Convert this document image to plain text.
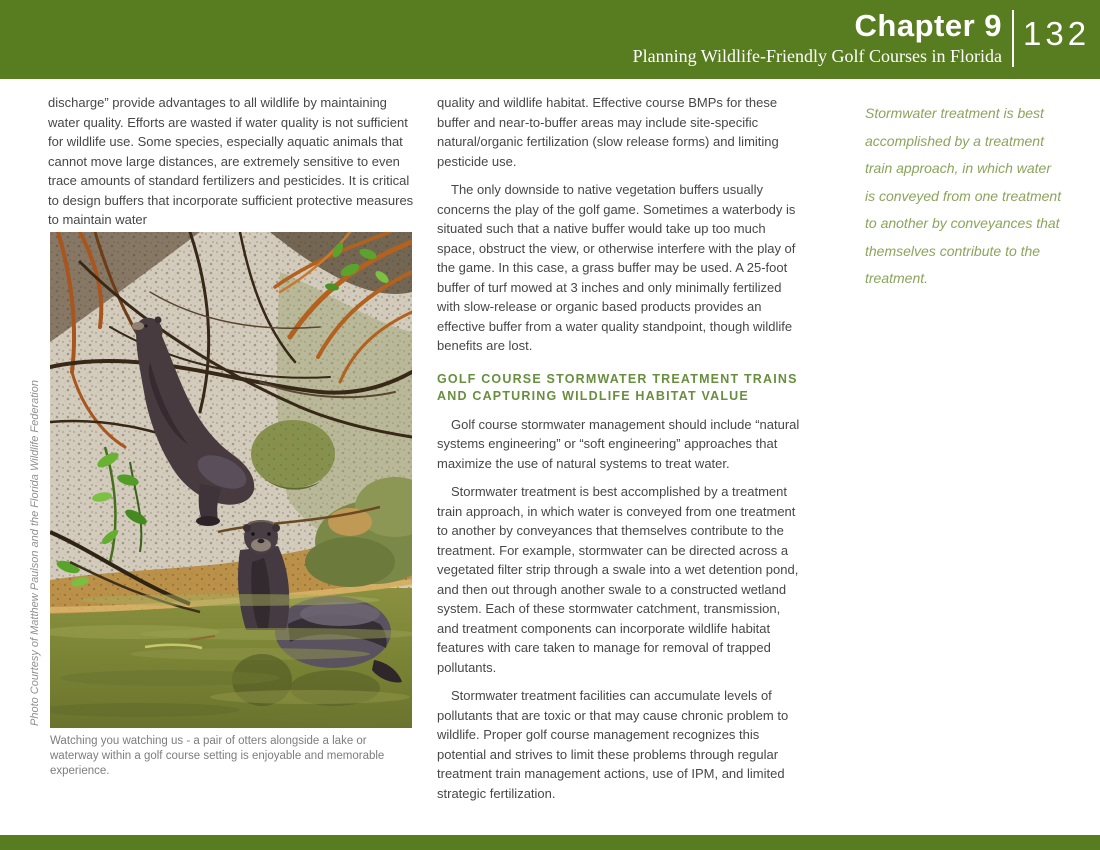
Chapter 9
Planning Wildlife-Friendly Golf Courses in Florida
132

discharge” provide advantages to all wildlife by maintaining water quality. Efforts are wasted if water quality is not sufficient for wildlife use. Some species, especially aquatic animals that cannot move large distances, are extremely sensitive to even trace amounts of standard fertilizers and pesticides. It is critical to design buffers that incorporate sufficient protective measures to maintain water

Photo Courtesy of Matthew Paulson and the Florida Wildlife Federation
Watching you watching us - a pair of otters alongside a lake or waterway within a golf course setting is enjoyable and memorable experience.

quality and wildlife habitat. Effective course BMPs for these buffer and near-to-buffer areas may include site-specific natural/organic fertilization (slow release forms) and limiting pesticide use.

The only downside to native vegetation buffers usually concerns the play of the golf game. Sometimes a waterbody is situated such that a native buffer would take up too much space, obstruct the view, or otherwise interfere with the play of the game. In this case, a grass buffer may be used. A 25-foot buffer of turf mowed at 3 inches and only minimally fertilized with slow-release or organic based products provides an effective buffer from a water quality standpoint, though wildlife benefits are lost.

GOLF COURSE STORMWATER TREATMENT TRAINS AND CAPTURING WILDLIFE HABITAT VALUE

Golf course stormwater management should include “natural systems engineering” or “soft engineering” approaches that maximize the use of natural systems to treat water.

Stormwater treatment is best accomplished by a treatment train approach, in which water is conveyed from one treatment to another by conveyances that themselves contribute to the treatment. For example, stormwater can be directed across a vegetated filter strip through a swale into a wet detention pond, and then out through another swale to a constructed wetland system. Each of these stormwater catchment, transmission, and treatment components can incorporate wildlife habitat features with care taken to manage for removal of trapped pollutants.

Stormwater treatment facilities can accumulate levels of pollutants that are toxic or that may cause chronic problem to wildlife. Proper golf course management recognizes this potential and strives to limit these problems through regular treatment train management actions, use of IPM, and limited strategic fertilization.

Stormwater treatment is best accomplished by a treatment train approach, in which water is conveyed from one treatment to another by conveyances that themselves contribute to the treatment.
